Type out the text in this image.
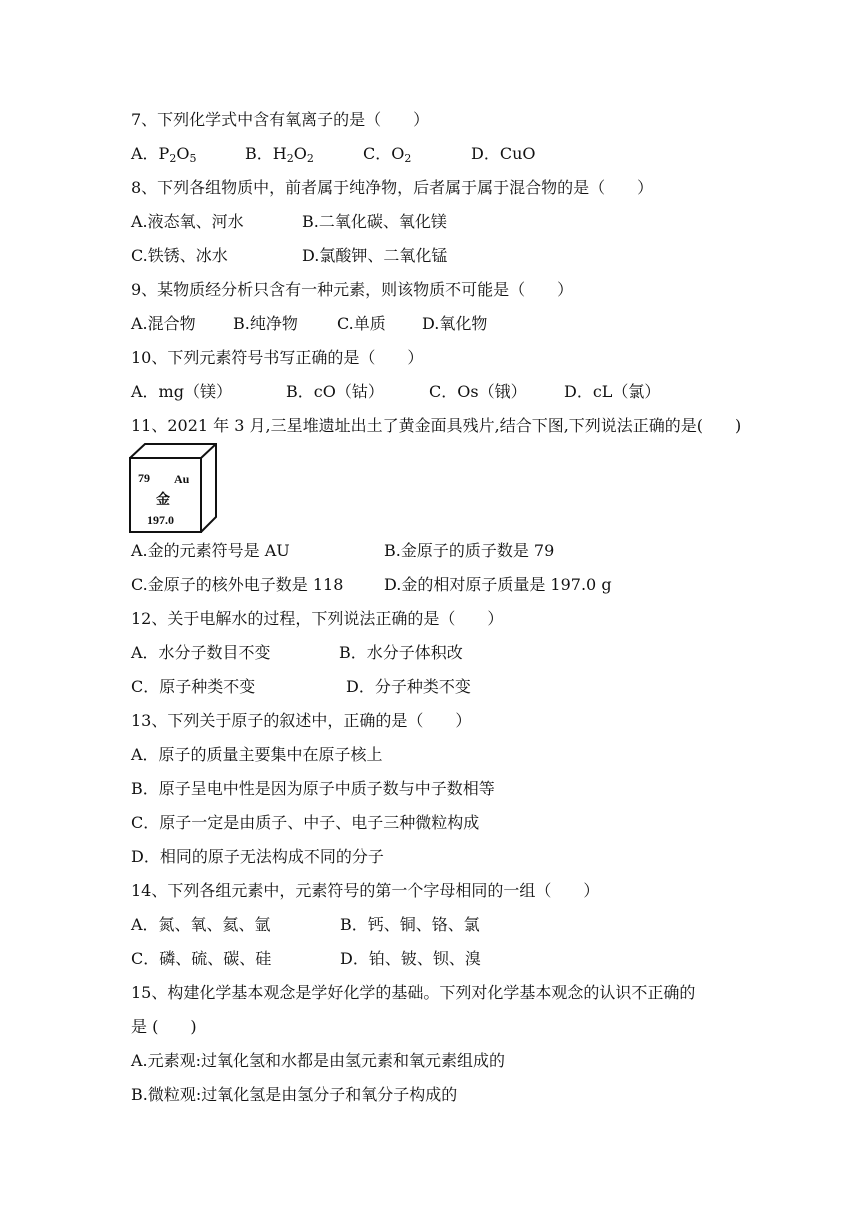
7、下列化学式中含有氧离子的是（　　）

A．$P_2O_5$

	B．$H_2O_2$

	C．$O_2$

	D．CuO

8、下列各组物质中，前者属于纯净物，后者属于属于混合物的是（　　）

A.液态氧、河水

	B.二氧化碳、氧化镁

C.铁锈、冰水

	D.氯酸钾、二氧化锰

9、某物质经分析只含有一种元素，则该物质不可能是（　　）

A.混合物

B.纯净物

C.单质

D.氧化物

10、下列元素符号书写正确的是（　　）

A．mg（镁）

	B．cO（钴）

	C．Os（锇）

D．cL（氯）

11、2021 年 3 月,三星堆遗址出土了黄金面具残片,结合下图,下列说法正确的是(　　)
79 Au
金
197.0

A.金的元素符号是 AU

	B.金原子的质子数是 79

C.金原子的核外电子数是 118

	D.金的相对原子质量是 197.0 g

12、关于电解水的过程，下列说法正确的是（　　）

A．水分子数目不变

	B．水分子体积改

C．原子种类不变

	D．分子种类不变

13、下列关于原子的叙述中，正确的是（　　）
A．原子的质量主要集中在原子核上
B．原子呈电中性是因为原子中质子数与中子数相等
C．原子一定是由质子、中子、电子三种微粒构成
D．相同的原子无法构成不同的分子
14、下列各组元素中，元素符号的第一个字母相同的一组（　　）

A．氮、氧、氦、氩

	B．钙、铜、铬、氯

C．磷、硫、碳、硅

	D．铂、铍、钡、溴

15、构建化学基本观念是学好化学的基础。下列对化学基本观念的认识不正确的
是 (　　)
A.元素观:过氧化氢和水都是由氢元素和氧元素组成的
B.微粒观:过氧化氢是由氢分子和氧分子构成的
